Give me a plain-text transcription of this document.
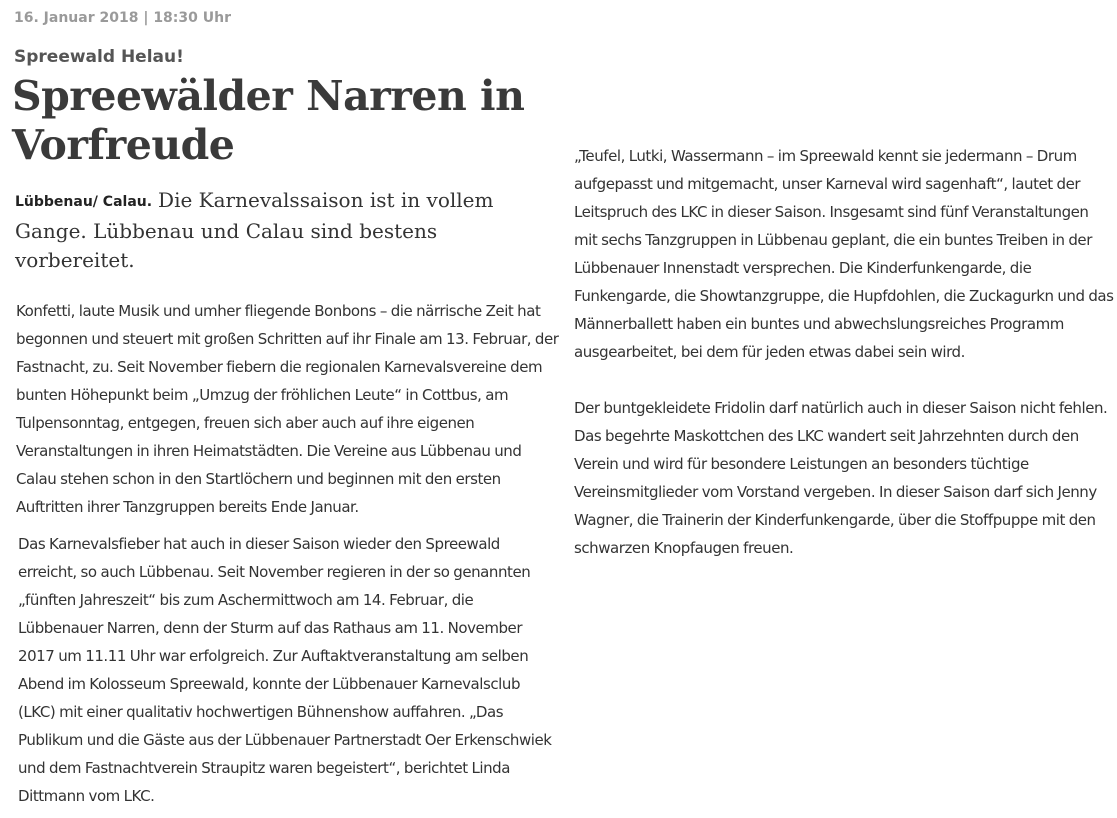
16. Januar 2018 | 18:30 Uhr
Spreewald Helau!
Spreewälder Narren in Vorfreude

Lübbenau/ Calau. Die Karnevalssaison ist in vollem Gange. Lübbenau und Calau sind bestens vorbereitet.

Konfetti, laute Musik und umher fliegende Bonbons – die närrische Zeit hat begonnen und steuert mit großen Schritten auf ihr Finale am 13. Februar, der Fastnacht, zu. Seit November fiebern die regionalen Karnevalsvereine dem bunten Höhepunkt beim „Umzug der fröhlichen Leute“ in Cottbus, am Tulpensonntag, entgegen, freuen sich aber auch auf ihre eigenen Veranstaltungen in ihren Heimatstädten. Die Vereine aus Lübbenau und Calau stehen schon in den Startlöchern und beginnen mit den ersten Auftritten ihrer Tanzgruppen bereits Ende Januar.

Das Karnevalsfieber hat auch in dieser Saison wieder den Spreewald erreicht, so auch Lübbenau. Seit November regieren in der so genannten „fünften Jahreszeit“ bis zum Aschermittwoch am 14. Februar, die Lübbenauer Narren, denn der Sturm auf das Rathaus am 11. November 2017 um 11.11 Uhr war erfolgreich. Zur Auftaktveranstaltung am selben Abend im Kolosseum Spreewald, konnte der Lübbenauer Karnevalsclub (LKC) mit einer qualitativ hochwertigen Bühnenshow auffahren. „Das Publikum und die Gäste aus der Lübbenauer Partnerstadt Oer Erkenschwiek und dem Fastnachtverein Straupitz waren begeistert“, berichtet Linda Dittmann vom LKC.

„Teufel, Lutki, Wassermann – im Spreewald kennt sie jedermann – Drum aufgepasst und mitgemacht, unser Karneval wird sagenhaft“, lautet der Leitspruch des LKC in dieser Saison. Insgesamt sind fünf Veranstaltungen mit sechs Tanzgruppen in Lübbenau geplant, die ein buntes Treiben in der Lübbenauer Innenstadt versprechen. Die Kinderfunkengarde, die Funkengarde, die Showtanzgruppe, die Hupfdohlen, die Zuckagurkn und das Männerballett haben ein buntes und abwechslungsreiches Programm ausgearbeitet, bei dem für jeden etwas dabei sein wird.

Der buntgekleidete Fridolin darf natürlich auch in dieser Saison nicht fehlen. Das begehrte Maskottchen des LKC wandert seit Jahrzehnten durch den Verein und wird für besondere Leistungen an besonders tüchtige Vereinsmitglieder vom Vorstand vergeben. In dieser Saison darf sich Jenny Wagner, die Trainerin der Kinderfunkengarde, über die Stoffpuppe mit den schwarzen Knopfaugen freuen.
